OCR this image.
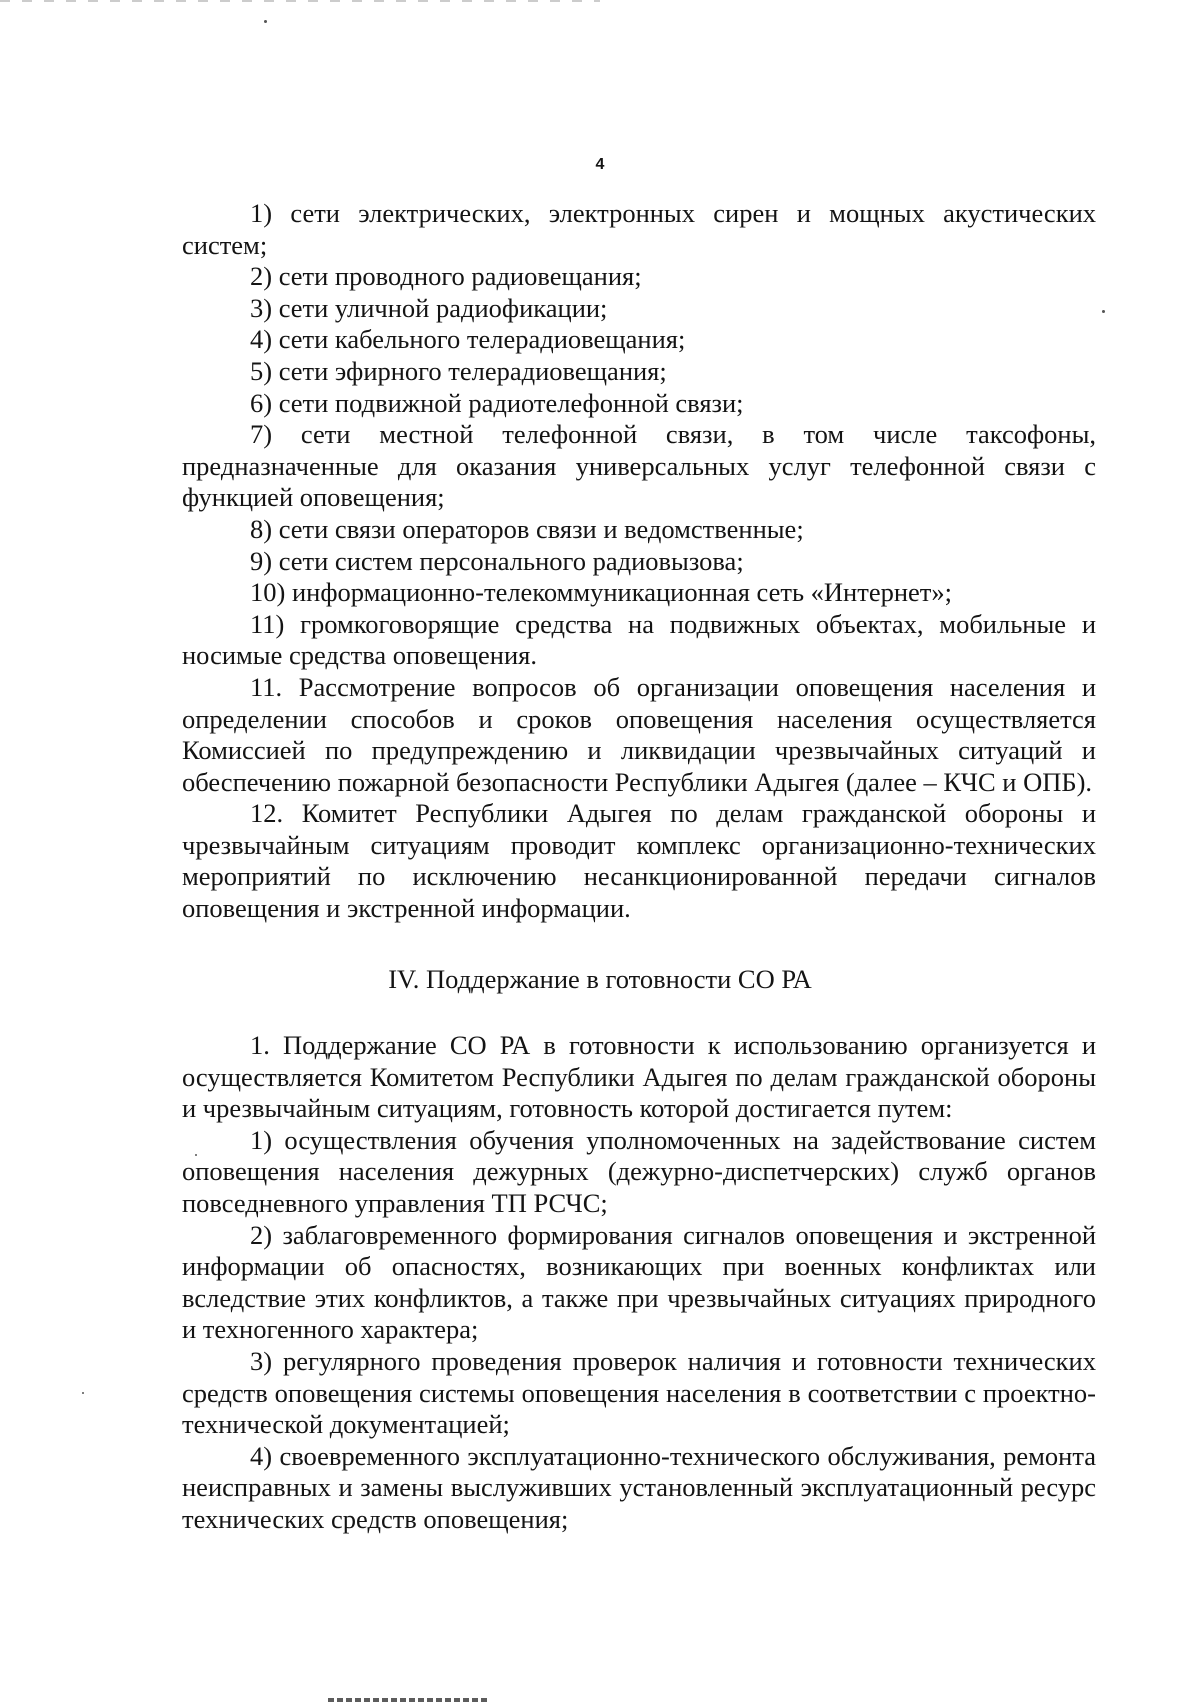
4

1) сети электрических, электронных сирен и мощных акустических систем;

2) сети проводного радиовещания;

3) сети уличной радиофикации;

4) сети кабельного телерадиовещания;

5) сети эфирного телерадиовещания;

6) сети подвижной радиотелефонной связи;

7) сети местной телефонной связи, в том числе таксофоны, предназначенные для оказания универсальных услуг телефонной связи с функцией оповещения;

8) сети связи операторов связи и ведомственные;

9) сети систем персонального радиовызова;

10) информационно-телекоммуникационная сеть «Интернет»;

11) громкоговорящие средства на подвижных объектах, мобильные и носимые средства оповещения.

11. Рассмотрение вопросов об организации оповещения населения и определении способов и сроков оповещения населения осуществляется Комиссией по предупреждению и ликвидации чрезвычайных ситуаций и обеспечению пожарной безопасности Республики Адыгея (далее – КЧС и ОПБ).

12. Комитет Республики Адыгея по делам гражданской обороны и чрезвычайным ситуациям проводит комплекс организационно-технических мероприятий по исключению несанкционированной передачи сигналов оповещения и экстренной информации.

IV. Поддержание в готовности СО РА

1. Поддержание СО РА в готовности к использованию организуется и осуществляется Комитетом Республики Адыгея по делам гражданской обороны и чрезвычайным ситуациям, готовность которой достигается путем:

1) осуществления обучения уполномоченных на задействование систем оповещения населения дежурных (дежурно-диспетчерских) служб органов повседневного управления ТП РСЧС;

2) заблаговременного формирования сигналов оповещения и экстренной информации об опасностях, возникающих при военных конфликтах или вследствие этих конфликтов, а также при чрезвычайных ситуациях природного и техногенного характера;

3) регулярного проведения проверок наличия и готовности технических средств оповещения системы оповещения населения в соответствии с проектно-технической документацией;

4) своевременного эксплуатационно-технического обслуживания, ремонта неисправных и замены выслуживших установленный эксплуатационный ресурс технических средств оповещения;
